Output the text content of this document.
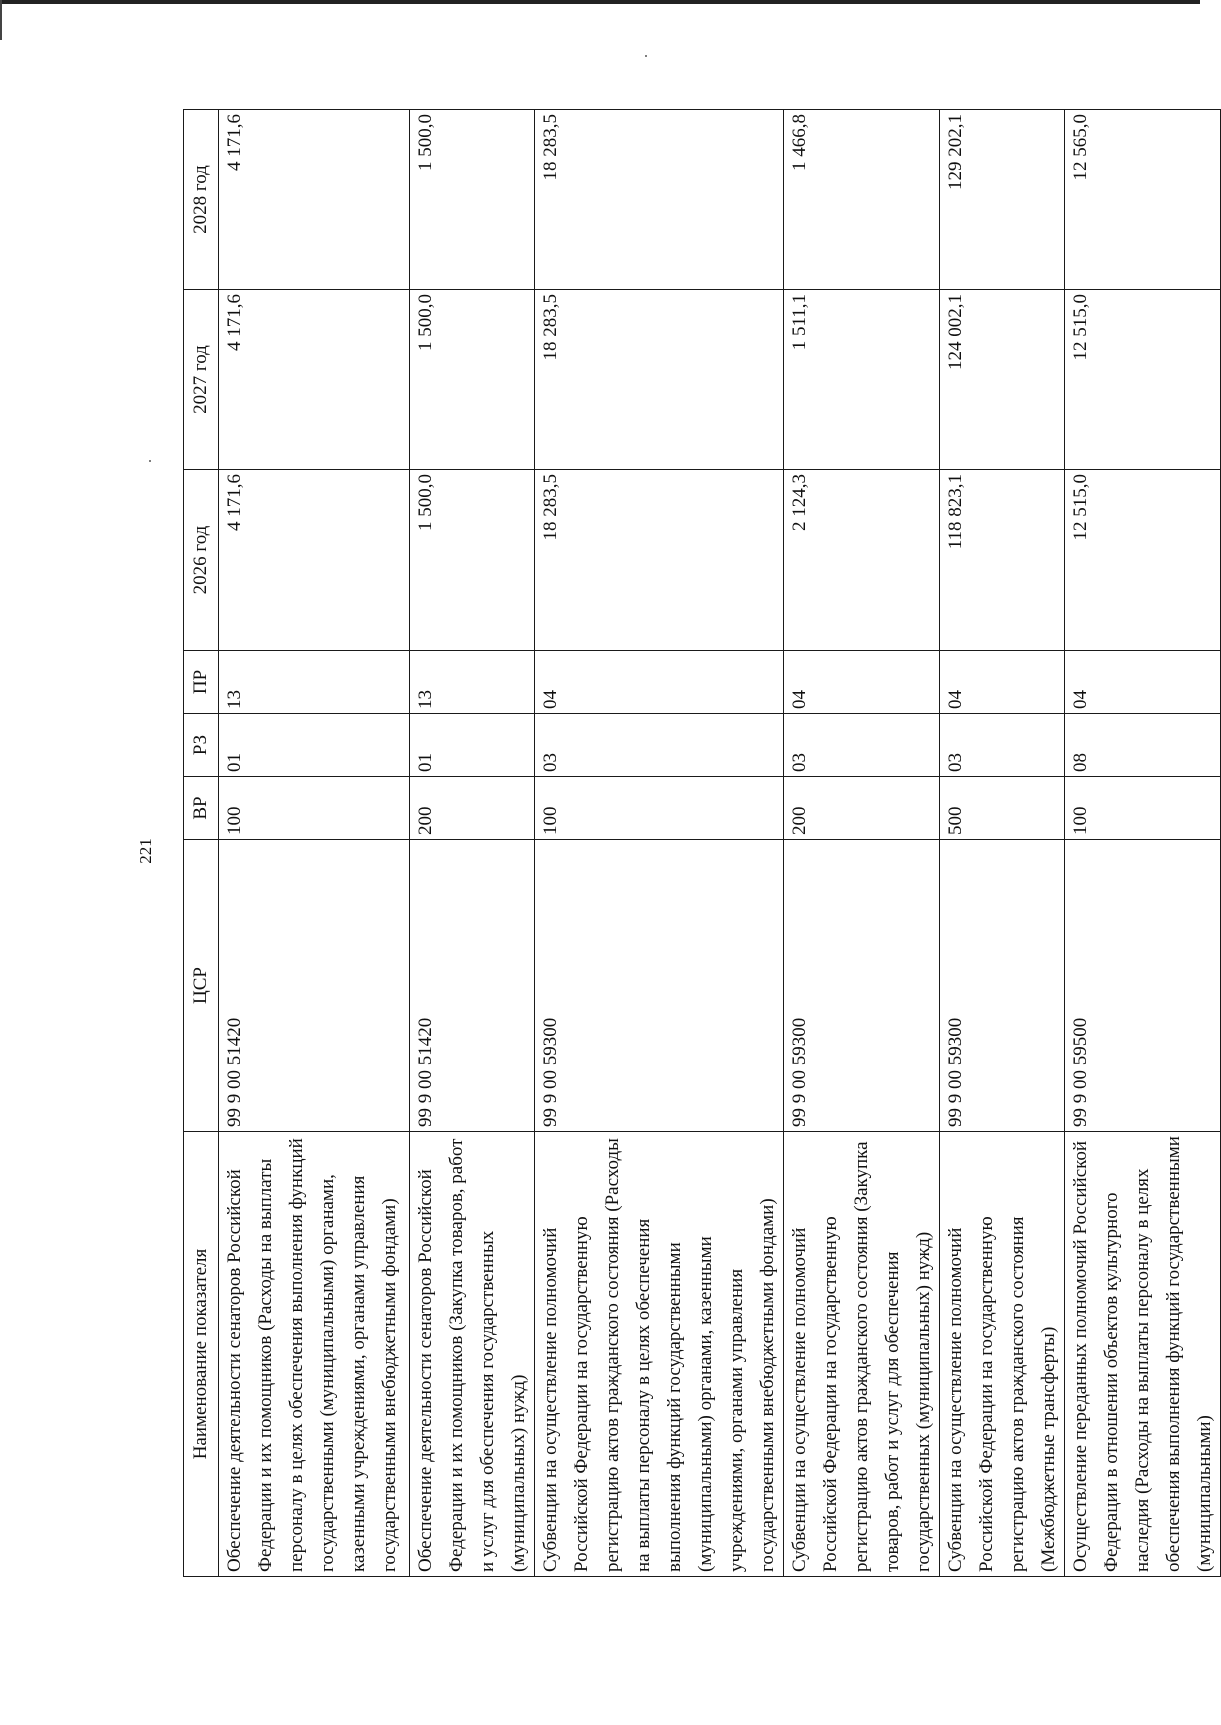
221
Наименование показателя	ЦСР	ВР	РЗ	ПР	2026 год	2027 год	2028 год
Обеспечение деятельности сенаторов Российской Федерации и их помощников (Расходы на выплаты персоналу в целях обеспечения выполнения функций государственными (муниципальными) органами, казенными учреждениями, органами управления государственными внебюджетными фондами)	99 9 00 51420	100	01	13	4 171,6	4 171,6	4 171,6
Обеспечение деятельности сенаторов Российской Федерации и их помощников (Закупка товаров, работ и услуг для обеспечения государственных (муниципальных) нужд)	99 9 00 51420	200	01	13	1 500,0	1 500,0	1 500,0
Субвенции на осуществление полномочий Российской Федерации на государственную регистрацию актов гражданского состояния (Расходы на выплаты персоналу в целях обеспечения выполнения функций государственными (муниципальными) органами, казенными учреждениями, органами управления государственными внебюджетными фондами)	99 9 00 59300	100	03	04	18 283,5	18 283,5	18 283,5
Субвенции на осуществление полномочий Российской Федерации на государственную регистрацию актов гражданского состояния (Закупка товаров, работ и услуг для обеспечения государственных (муниципальных) нужд)	99 9 00 59300	200	03	04	2 124,3	1 511,1	1 466,8
Субвенции на осуществление полномочий Российской Федерации на государственную регистрацию актов гражданского состояния (Межбюджетные трансферты)	99 9 00 59300	500	03	04	118 823,1	124 002,1	129 202,1
Осуществление переданных полномочий Российской Федерации в отношении объектов культурного наследия (Расходы на выплаты персоналу в целях обеспечения выполнения функций государственными (муниципальными)	99 9 00 59500	100	08	04	12 515,0	12 515,0	12 565,0
